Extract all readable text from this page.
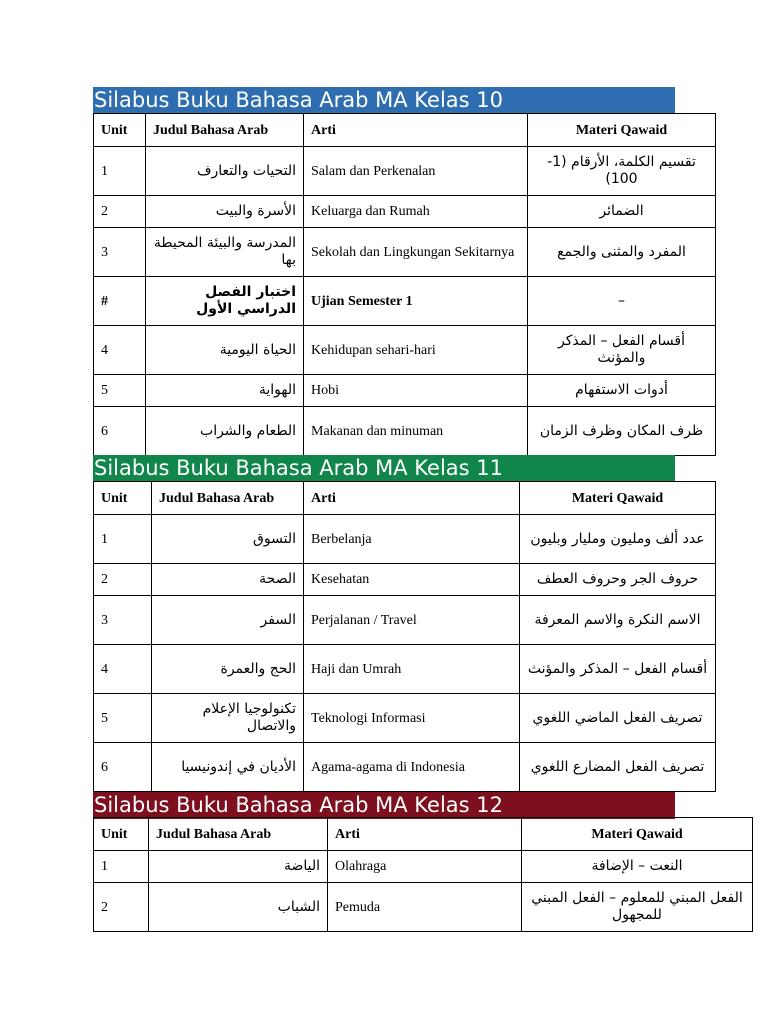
Silabus Buku Bahasa Arab MA Kelas 10
Unit	Judul Bahasa Arab	Arti	Materi Qawaid
1	التحيات والتعارف	Salam dan Perkenalan	تقسيم الكلمة، الأرقام (1-100)
2	الأسرة والبيت	Keluarga dan Rumah	الضمائر
3	المدرسة والبيئة المحيطة بها	Sekolah dan Lingkungan Sekitarnya	المفرد والمثنى والجمع
#	اختبار الفصل الدراسي الأول	Ujian Semester 1	–
4	الحياة اليومية	Kehidupan sehari-hari	أقسام الفعل – المذكر والمؤنث
5	الهواية	Hobi	أدوات الاستفهام
6	الطعام والشراب	Makanan dan minuman	ظرف المكان وظرف الزمان
Silabus Buku Bahasa Arab MA Kelas 11
Unit	Judul Bahasa Arab	Arti	Materi Qawaid
1	التسوق	Berbelanja	عدد ألف ومليون ومليار وبليون
2	الصحة	Kesehatan	حروف الجر وحروف العطف
3	السفر	Perjalanan / Travel	الاسم النكرة والاسم المعرفة
4	الحج والعمرة	Haji dan Umrah	أقسام الفعل – المذكر والمؤنث
5	تكنولوجيا الإعلام والاتصال	Teknologi Informasi	تصريف الفعل الماضي اللغوي
6	الأديان في إندونيسيا	Agama-agama di Indonesia	تصريف الفعل المضارع اللغوي
Silabus Buku Bahasa Arab MA Kelas 12
Unit	Judul Bahasa Arab	Arti	Materi Qawaid
1	الياضة	Olahraga	النعت – الإضافة
2	الشباب	Pemuda	الفعل المبني للمعلوم – الفعل المبني للمجهول
